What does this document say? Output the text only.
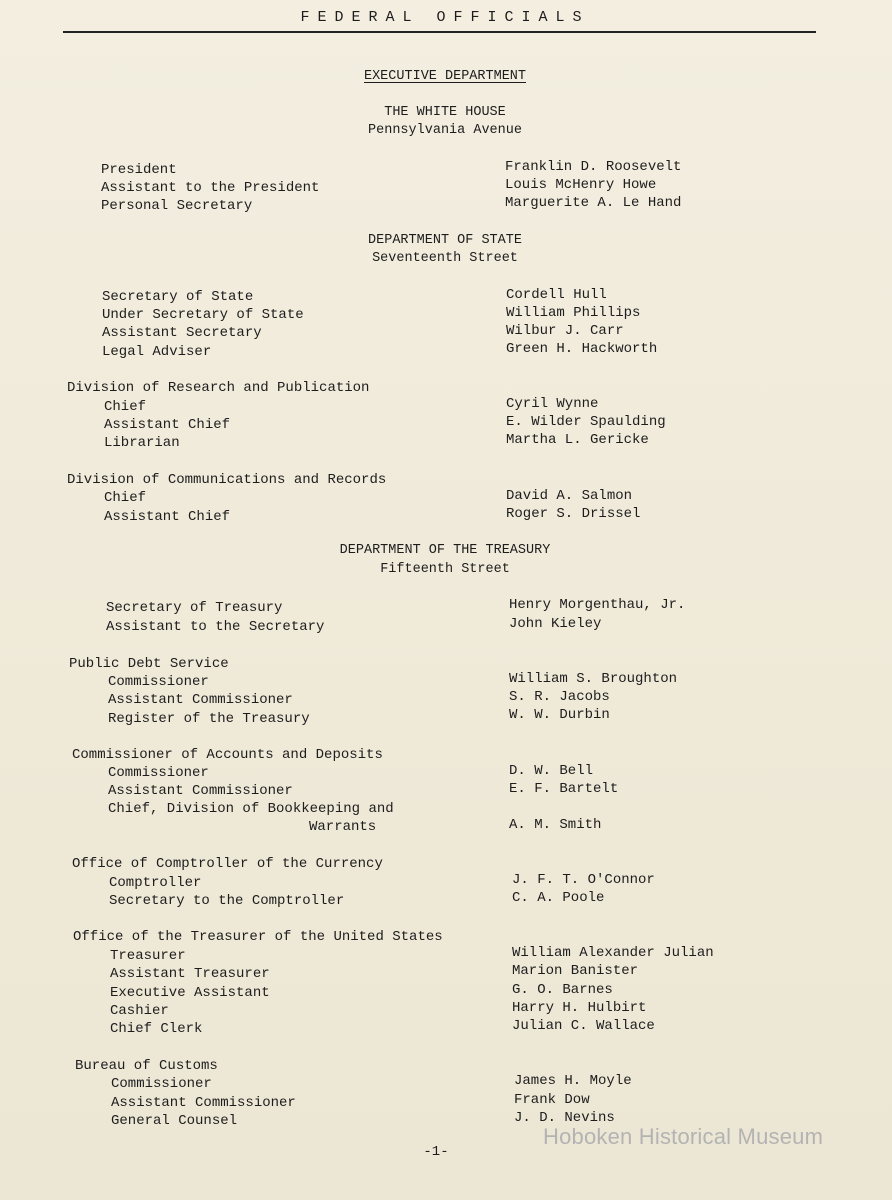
FEDERAL OFFICIALS
EXECUTIVE DEPARTMENT
THE WHITE HOUSE
Pennsylvania Avenue
President	Franklin D. Roosevelt
Assistant to the President	Louis McHenry Howe
Personal Secretary	Marguerite A. Le Hand
DEPARTMENT OF STATE
Seventeenth Street
Secretary of State	Cordell Hull
Under Secretary of State	William Phillips
Assistant Secretary	Wilbur J. Carr
Legal Adviser	Green H. Hackworth
Division of Research and Publication
Chief	Cyril Wynne
Assistant Chief	E. Wilder Spaulding
Librarian	Martha L. Gericke
Division of Communications and Records
Chief	David A. Salmon
Assistant Chief	Roger S. Drissel
DEPARTMENT OF THE TREASURY
Fifteenth Street
Secretary of Treasury	Henry Morgenthau, Jr.
Assistant to the Secretary	John Kieley
Public Debt Service
Commissioner	William S. Broughton
Assistant Commissioner	S. R. Jacobs
Register of the Treasury	W. W. Durbin
Commissioner of Accounts and Deposits
Commissioner	D. W. Bell
Assistant Commissioner	E. F. Bartelt
Chief, Division of Bookkeeping and
Warrants	A. M. Smith
Office of Comptroller of the Currency
Comptroller	J. F. T. O'Connor
Secretary to the Comptroller	C. A. Poole
Office of the Treasurer of the United States
Treasurer	William Alexander Julian
Assistant Treasurer	Marion Banister
Executive Assistant	G. O. Barnes
Cashier	Harry H. Hulbirt
Chief Clerk	Julian C. Wallace
Bureau of Customs
Commissioner	James H. Moyle
Assistant Commissioner	Frank Dow
General Counsel	J. D. Nevins
Hoboken Historical Museum
-1-
